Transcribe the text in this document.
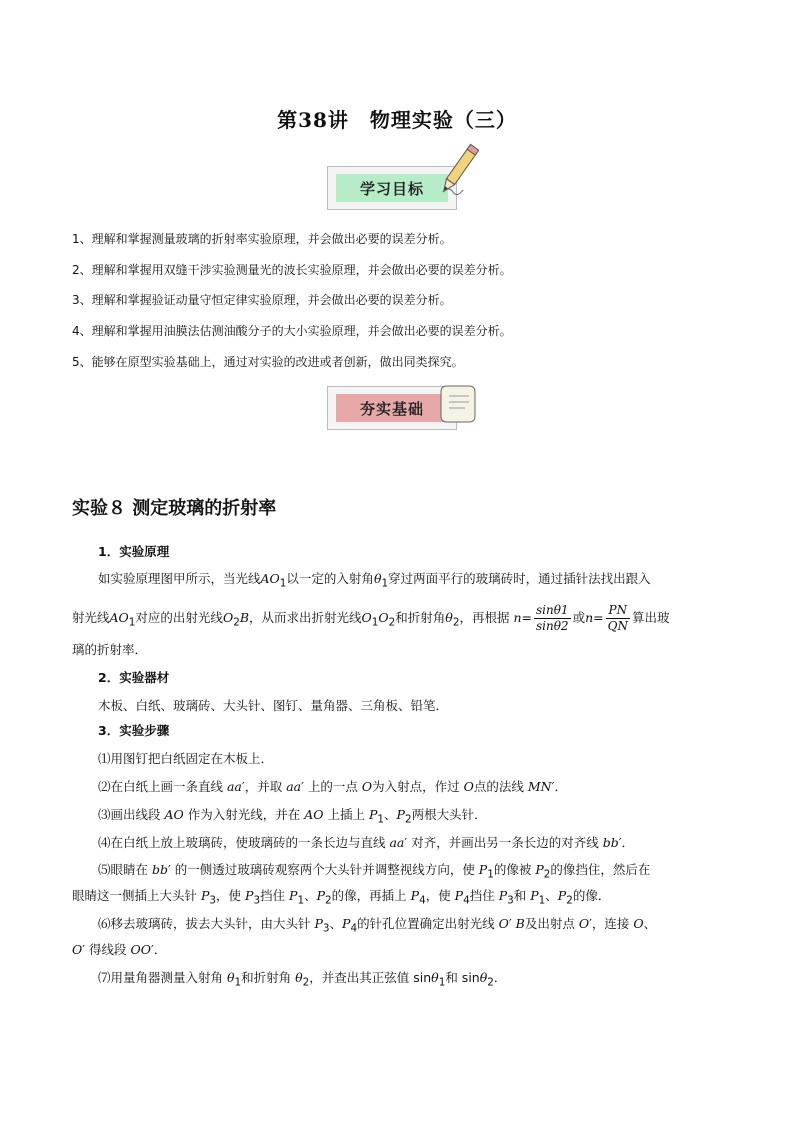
第38讲　物理实验（三）
学习目标
1、理解和掌握测量玻璃的折射率实验原理，并会做出必要的误差分析。
2、理解和掌握用双缝干涉实验测量光的波长实验原理，并会做出必要的误差分析。
3、理解和掌握验证动量守恒定律实验原理，并会做出必要的误差分析。
4、理解和掌握用油膜法估测油酸分子的大小实验原理，并会做出必要的误差分析。
5、能够在原型实验基础上，通过对实验的改进或者创新，做出同类探究。
夯实基础
实验８ 测定玻璃的折射率
1．实验原理
如实验原理图甲所示，当光线$AO_1$以一定的入射角$\theta_1$穿过两面平行的玻璃砖时，通过插针法找出跟入
射光线$AO_1$对应的出射光线$O_2B$，从而求出折射光线$O_1O_2$和折射角$\theta_2$，再根据 $n= \frac{\sin\theta 1}{\sin\theta 2}$ 或$n= \frac{PN}{QN}$ 算出玻
璃的折射率．
2．实验器材
木板、白纸、玻璃砖、大头针、图钉、量角器、三角板、铅笔．
3．实验步骤
⑴用图钉把白纸固定在木板上．
⑵在白纸上画一条直线 aa′，并取 aa′ 上的一点 O为入射点，作过 O点的法线 MN′．
⑶画出线段 AO 作为入射光线，并在 AO 上插上 $P_1$、$P_2$两根大头针．
⑷在白纸上放上玻璃砖，使玻璃砖的一条长边与直线 aa′ 对齐，并画出另一条长边的对齐线 bb′．
⑸眼睛在 bb′ 的一侧透过玻璃砖观察两个大头针并调整视线方向，使 $P_1$的像被 $P_2$的像挡住，然后在
眼睛这一侧插上大头针 $P_3$，使 $P_3$挡住 $P_1$、$P_2$的像，再插上 $P_4$，使 $P_4$挡住 $P_3$和 $P_1$、$P_2$的像．
⑹移去玻璃砖，拔去大头针，由大头针 $P_3$、$P_4$的针孔位置确定出射光线 O′ B及出射点 O′，连接 O、
O′ 得线段 OO′．
⑺用量角器测量入射角 $\theta_1$和折射角 $\theta_2$，并查出其正弦值 sinθ$_1$和 sinθ$_2$．
